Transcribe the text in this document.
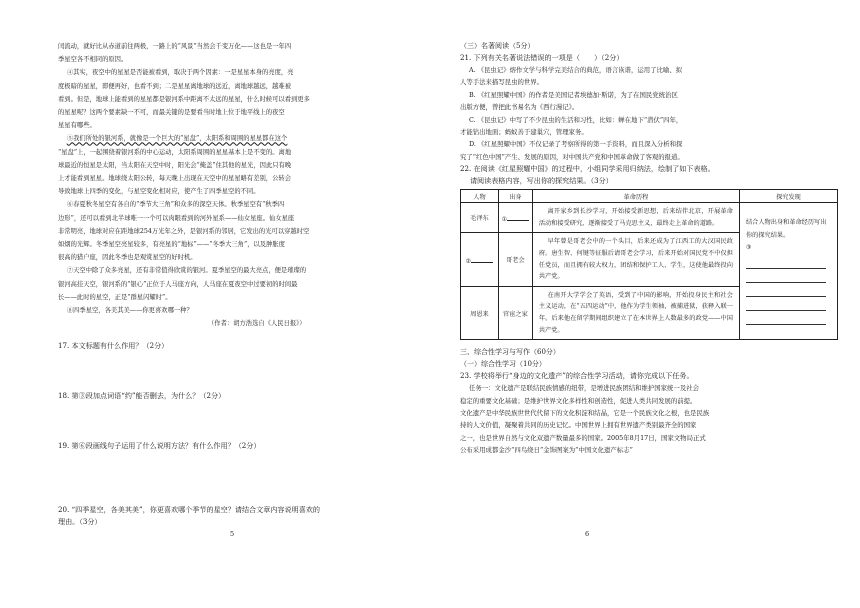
闰流动，就好比从赤道前往两极，一路上的“风景”当然会千变万化——这也是一年四

季星空各不相同的原因。

④其实，夜空中的星星是否能被看到，取决于两个因素：一是星星本身的亮度，亮

度极暗的星星，即便再好，也看不到；二是星星离地球的远近，离地球越远，越难被

看到。但是，地球上能看到的星星都是银河系中距离不太远的星星，什么时候可以看到更多

的星星呢？这两个要素缺一不可，而最关键的是要看当时地上位于地平线上的夜空

星星有哪些。

⑤我们所处的银河系，就像是一个巨大的“星盘”，太阳系和周围的星星都在这个

“星盘”上，一起围绕着银河系的中心运动，太阳系周围的星星基本上是不变的。离地

球最近的恒星是太阳，当太阳在天空中时，阳光会“掩盖”住其他的星光，因此只有晚

上才能看到星星。地球绕太阳公转，每天晚上出现在天空中的星星略有差别，公转会

导致地球上四季的变化，与星空变化相对应，使产生了四季星空的不同。

⑥春夏秋冬星空有各自的“季节大三角”和众多的深空天体。秋季星空有“秋季四

边形”，还可以看到北半球唯一一个可以肉眼看到的河外星系——仙女星座。仙女星座

非常明亮，地球对应在距地球254万光年之外，是银河系的邻居，它发出的光可以穿越时空

如烟的光辉。冬季星空亮星较多，有亮星的“地标”——“冬季大三角”，以及肿胀度

很高的猎户座，因此冬季也是观赏星空的好时机。

⑦天空中除了众多亮星，还有非常值得欣赏的银河。夏季星空的最大亮点，便是璀璨的

银河高挂天空，银河系的“银心”正位于人马座方向，人马座在夏夜空中过要初的时间最

长——此时的星空，正是“群星闪耀时”。

⑧四季星空，各美其美——你更喜欢哪一种？

（作者：胡方浩选自《人民日报》）

17. 本文标题有什么作用？（2分）

18. 第③段加点词语“约”能否删去，为什么？（2分）

19. 第⑥段画线句子运用了什么说明方法？有什么作用？（2分）

20. “四季星空，各美其美”，你更喜欢哪个季节的星空？请结合文章内容说明喜欢的

理由。（3分）

5

（三）名著阅读（5分）

21. 下列有关名著说法错误的一项是（　　）（2分）

A. 《昆虫记》熔作文学与科学完美结合的典范，语言诙谐，运用了比喻、拟

人等手法来描写昆虫的世界。

B. 《红星照耀中国》的作者是美国记者埃德加·斯诺，为了在国民党统治区

出版方便，曾把此书易名为《西行漫记》。

C. 《昆虫记》中写了不少昆虫的生活和习性，比如：蝉在地下“潜伏”四年，

才能钻出地面；蚂蚁善于建巢穴，管理家务。

D. 《红星照耀中国》不仅记录了考察所得的第一手资料，而且深入分析和探

究了“红色中国”产生、发展的原因，对中国共产党和中国革命做了客观的报道。

22. 在阅读《红星照耀中国》的过程中，小组同学采用归纳法，绘制了如下表格。

请阅读表格内容，写出你的探究结果。（3分）

人物	出身	革命历程	探究发现
毛泽东	①	离开家乡到长沙学习，开始接受新思想，后来结伴北京，开展革命活动和接受研究，逐渐接受了马克思主义，最终走上革命的道路。	结合人物出身和革命经历写出你的探究结果。
③

②	哥老会	早年曾是哥老会中的一个头目，后来还成为了江西工的大汉国民政府。唐生智、何键等征服后请哥老会学习，后来开始对国民党不中仅担任党员，而且拥有较大权力，团结和保护工人、学生，这使他最终投向共产党。	
周恩来	官宦之家	在南开大学学会了英语，受到了中国的影响，开始投身民主和社会主义运动，在“五四运动”中，他作为学生领袖，被捕进狱，获释入联一年。后来他在留学期间组织建立了在本世界上人数最多的政党——中国共产党。	

三、综合性学习与写作（60分）

（一）综合性学习（10分）

23. 学校将举行“身边的文化遗产”的综合性学习活动，请你完成以下任务。

任务一：文化遗产是联结民族情感的纽带，是增进民族团结和维护国家统一及社会

稳定的重要文化基础；是维护世界文化多样性和创造性，促进人类共同发展的前提。

文化遗产是中华民族世世代代留下的文化积淀和结晶，它是一个民族文化之根，也是民族

持的人文价值，凝聚着共同的历史记忆。中国世界上拥有世界遗产类别最齐全的国家

之一，也是世界自然与文化双遗产数量最多的国家。2005年8月17日，国家文物局正式

公布采用成都金沙“四鸟绕日”金饰图案为“中国文化遗产标志”

6
